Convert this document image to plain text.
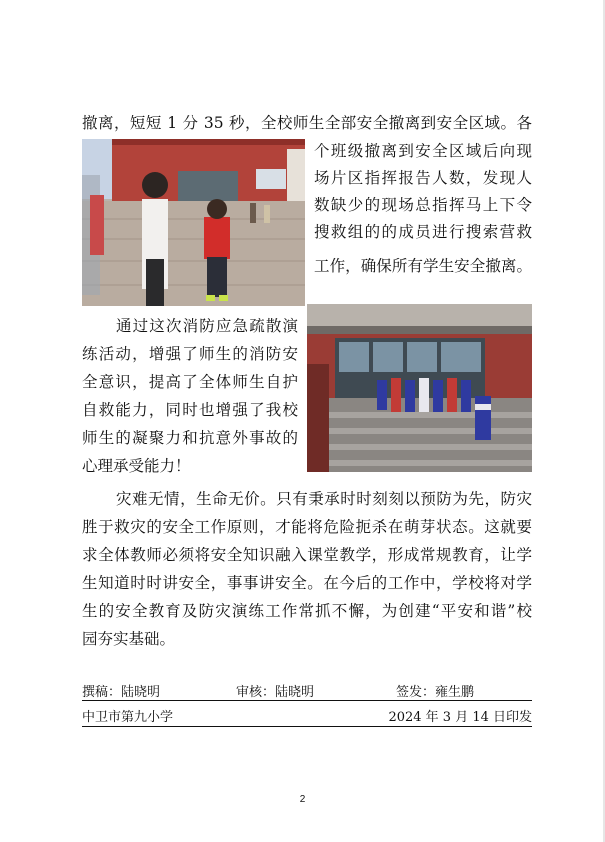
撤离，短短 1 分 35 秒，全校师生全部安全撤离到安全区域。各
个班级撤离到安全区域后向现
场片区指挥报告人数，发现人
数缺少的现场总指挥马上下令
搜救组的的成员进行搜索营救
工作，确保所有学生安全撤离。
通过这次消防应急疏散演
练活动，增强了师生的消防安
全意识，提高了全体师生自护
自救能力，同时也增强了我校
师生的凝聚力和抗意外事故的
心理承受能力！
灾难无情，生命无价。只有秉承时时刻刻以预防为先，防灾
胜于救灾的安全工作原则，才能将危险扼杀在萌芽状态。这就要
求全体教师必须将安全知识融入课堂教学，形成常规教育，让学
生知道时时讲安全，事事讲安全。在今后的工作中，学校将对学
生的安全教育及防灾演练工作常抓不懈，为创建“平安和谐”校
园夯实基础。
撰稿：陆晓明	审核：陆晓明	签发：雍生鹏
中卫市第九小学	2024 年 3 月 14 日印发
2
